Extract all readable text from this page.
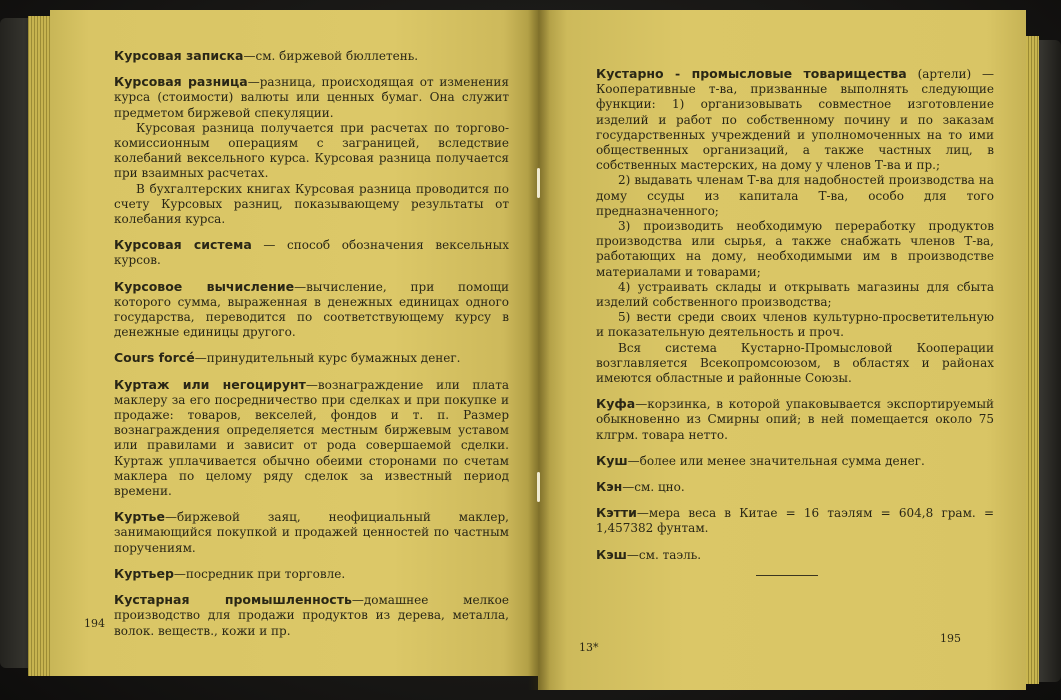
Курсовая записка—см. биржевой бюллетень.

Курсовая разница—разница, происходящая от изменения курса (стоимости) валюты или ценных бумаг. Она служит предметом биржевой спекуляции.

Курсовая разница получается при расчетах по торгово-комиссионным операциям с заграницей, вследствие колебаний вексельного курса. Курсовая разница получается при взаимных расчетах.

В бухгалтерских книгах Курсовая разница проводится по счету Курсовых разниц, показывающему результаты от колебания курса.

Курсовая система — способ обозначения вексельных курсов.

Курсовое вычисление—вычисление, при помощи которого сумма, выраженная в денежных единицах одного государства, переводится по соответствующему курсу в денежные единицы другого.

Cours forcé—принудительный курс бумажных денег.

Куртаж или негоцирунт—вознаграждение или плата маклеру за его посредничество при сделках и при покупке и продаже: товаров, векселей, фондов и т. п. Размер вознаграждения определяется местным биржевым уставом или правилами и зависит от рода совершаемой сделки. Куртаж уплачивается обычно обеими сторонами по счетам маклера по целому ряду сделок за известный период времени.

Куртье—биржевой заяц, неофициальный маклер, занимающийся покупкой и продажей ценностей по частным поручениям.

Куртьер—посредник при торговле.

Кустарная промышленность—домашнее мелкое производство для продажи продуктов из дерева, металла, волок. веществ., кожи и пр.

194

Кустарно - промысловые товарищества (артели) — Кооперативные т-ва, призванные выполнять следующие функции: 1) организовывать совместное изготовление изделий и работ по собственному почину и по заказам государственных учреждений и уполномоченных на то ими общественных организаций, а также частных лиц, в собственных мастерских, на дому у членов Т-ва и пр.;

2) выдавать членам Т-ва для надобностей производства на дому ссуды из капитала Т-ва, особо для того предназначенного;

3) производить необходимую переработку продуктов производства или сырья, а также снабжать членов Т-ва, работающих на дому, необходимыми им в производстве материалами и товарами;

4) устраивать склады и открывать магазины для сбыта изделий собственного производства;

5) вести среди своих членов культурно-просветительную и показательную деятельность и проч.

Вся система Кустарно-Промысловой Кооперации возглавляется Всекопромсоюзом, в областях и районах имеются областные и районные Союзы.

Куфа—корзинка, в которой упаковывается экспортируемый обыкновенно из Смирны опий; в ней помещается около 75 клгрм. товара нетто.

Куш—более или менее значительная сумма денег.

Кэн—см. цно.

Кэтти—мера веса в Китае = 16 таэлям = 604,8 грам. = 1,457382 фунтам.

Кэш—см. таэль.

13*
195
